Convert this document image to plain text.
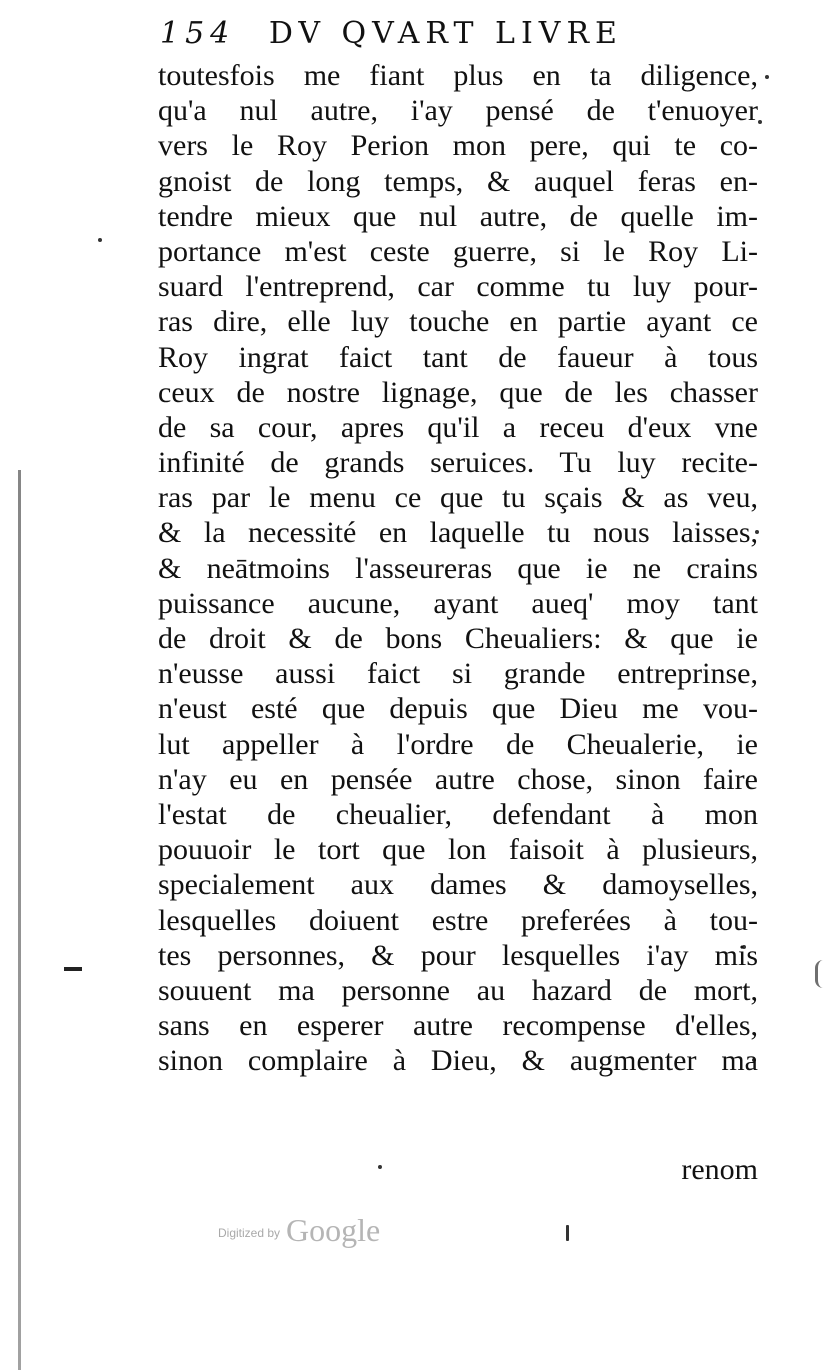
154 DV QVART LIVRE
toutesfois me fiant plus en ta diligence,
qu'a nul autre, i'ay pensé de t'enuoyer
vers le Roy Perion mon pere, qui te co-
gnoist de long temps, & auquel feras en-
tendre mieux que nul autre, de quelle im-
portance m'est ceste guerre, si le Roy Li-
suard l'entreprend, car comme tu luy pour-
ras dire, elle luy touche en partie ayant ce
Roy ingrat faict tant de faueur à tous
ceux de nostre lignage, que de les chasser
de sa cour, apres qu'il a receu d'eux vne
infinité de grands seruices. Tu luy recite-
ras par le menu ce que tu sçais & as veu,
& la necessité en laquelle tu nous laisses,
& neātmoins l'asseureras que ie ne crains
puissance aucune, ayant aueq' moy tant
de droit & de bons Cheualiers: & que ie
n'eusse aussi faict si grande entreprinse,
n'eust esté que depuis que Dieu me vou-
lut appeller à l'ordre de Cheualerie, ie
n'ay eu en pensée autre chose, sinon faire
l'estat de cheualier, defendant à mon
pouuoir le tort que lon faisoit à plusieurs,
specialement aux dames & damoyselles,
lesquelles doiuent estre preferées à tou-
tes personnes, & pour lesquelles i'ay mis
souuent ma personne au hazard de mort,
sans en esperer autre recompense d'elles,
sinon complaire à Dieu, & augmenter ma
renom
Digitized by Google
